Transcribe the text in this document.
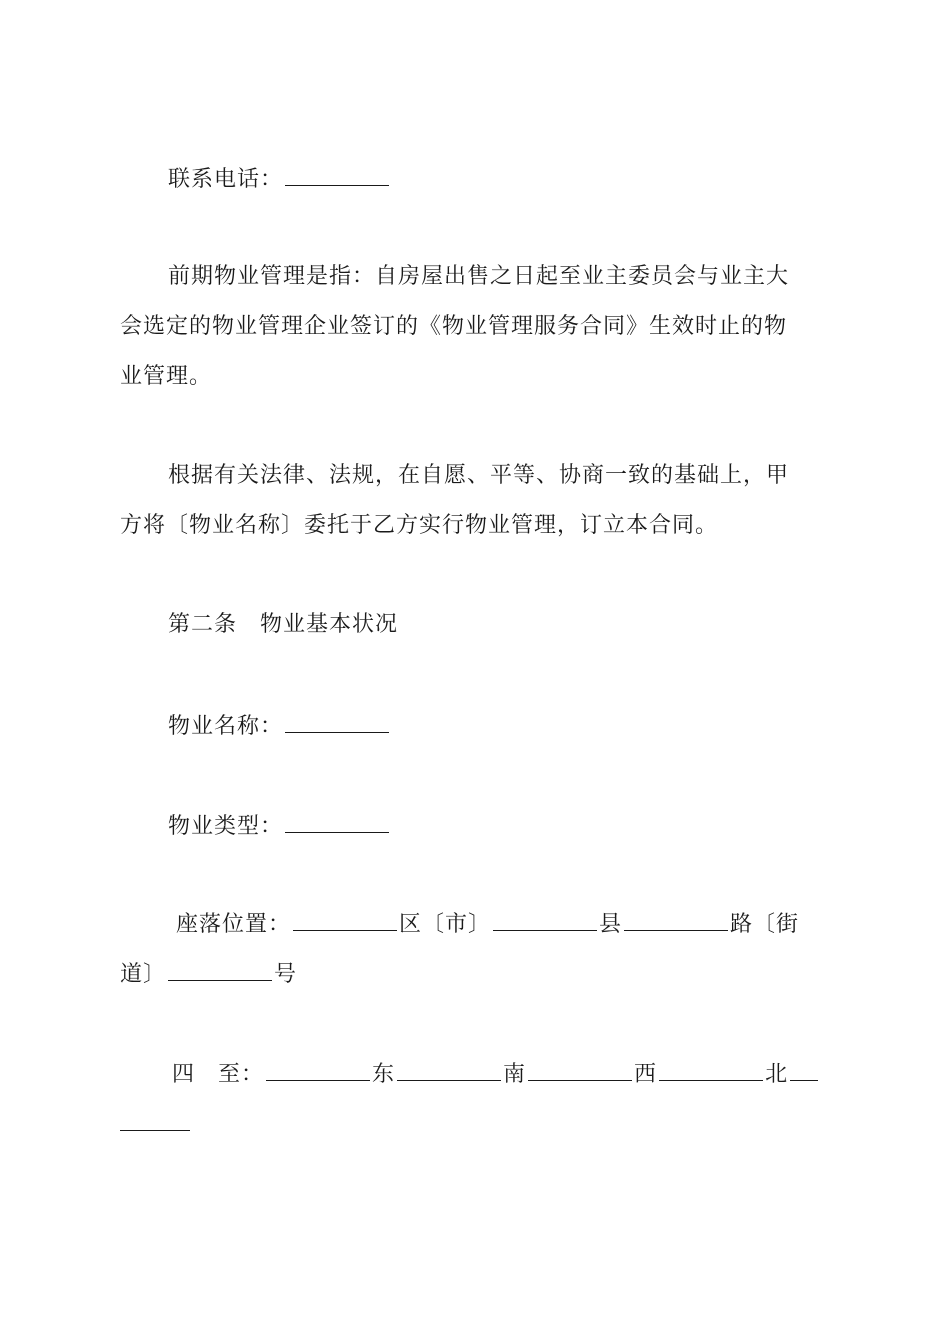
联系电话：
前期物业管理是指：自房屋出售之日起至业主委员会与业主大
会选定的物业管理企业签订的《物业管理服务合同》生效时止的物
业管理。
根据有关法律、法规，在自愿、平等、协商一致的基础上，甲
方将〔物业名称〕委托于乙方实行物业管理，订立本合同。
第二条　物业基本状况
物业名称：
物业类型：
座落位置：	区〔市〕	县	路〔街
道〕	号
四　至：	东	南	西	北
